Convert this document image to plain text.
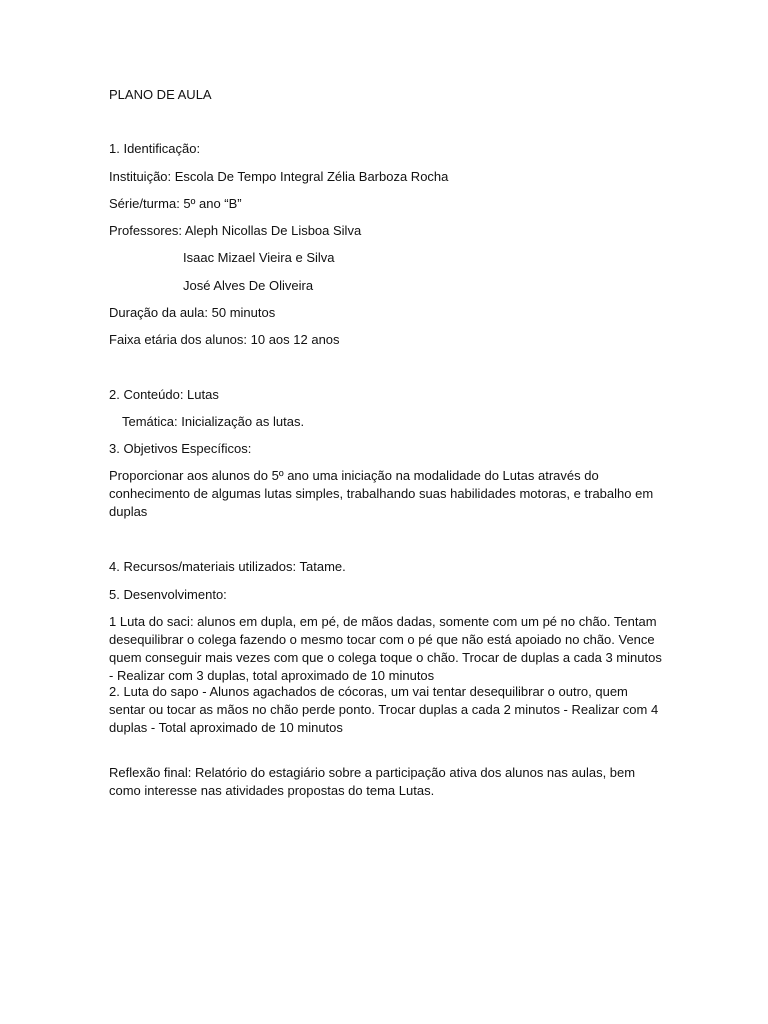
PLANO DE AULA
1. Identificação:
Instituição: Escola De Tempo Integral Zélia Barboza Rocha
Série/turma: 5º ano “B”
Professores: Aleph Nicollas De Lisboa Silva
Isaac Mizael Vieira e Silva
José Alves De Oliveira
Duração da aula: 50 minutos
Faixa etária dos alunos: 10 aos 12 anos
2. Conteúdo: Lutas
Temática: Inicialização as lutas.
3. Objetivos Específicos:
Proporcionar aos alunos do 5º ano uma iniciação na modalidade do Lutas através do conhecimento de algumas lutas simples, trabalhando suas habilidades motoras, e trabalho em duplas
4. Recursos/materiais utilizados: Tatame.
5. Desenvolvimento:
1 Luta do saci: alunos em dupla, em pé, de mãos dadas, somente com um pé no chão. Tentam desequilibrar o colega fazendo o mesmo tocar com o pé que não está apoiado no chão. Vence quem conseguir mais vezes com que o colega toque o chão. Trocar de duplas a cada 3 minutos - Realizar com 3 duplas, total aproximado de 10 minutos
2. Luta do sapo - Alunos agachados de cócoras, um vai tentar desequilibrar o outro, quem sentar ou tocar as mãos no chão perde ponto. Trocar duplas a cada 2 minutos - Realizar com 4 duplas - Total aproximado de 10 minutos
Reflexão final: Relatório do estagiário sobre a participação ativa dos alunos nas aulas, bem como interesse nas atividades propostas do tema Lutas.
